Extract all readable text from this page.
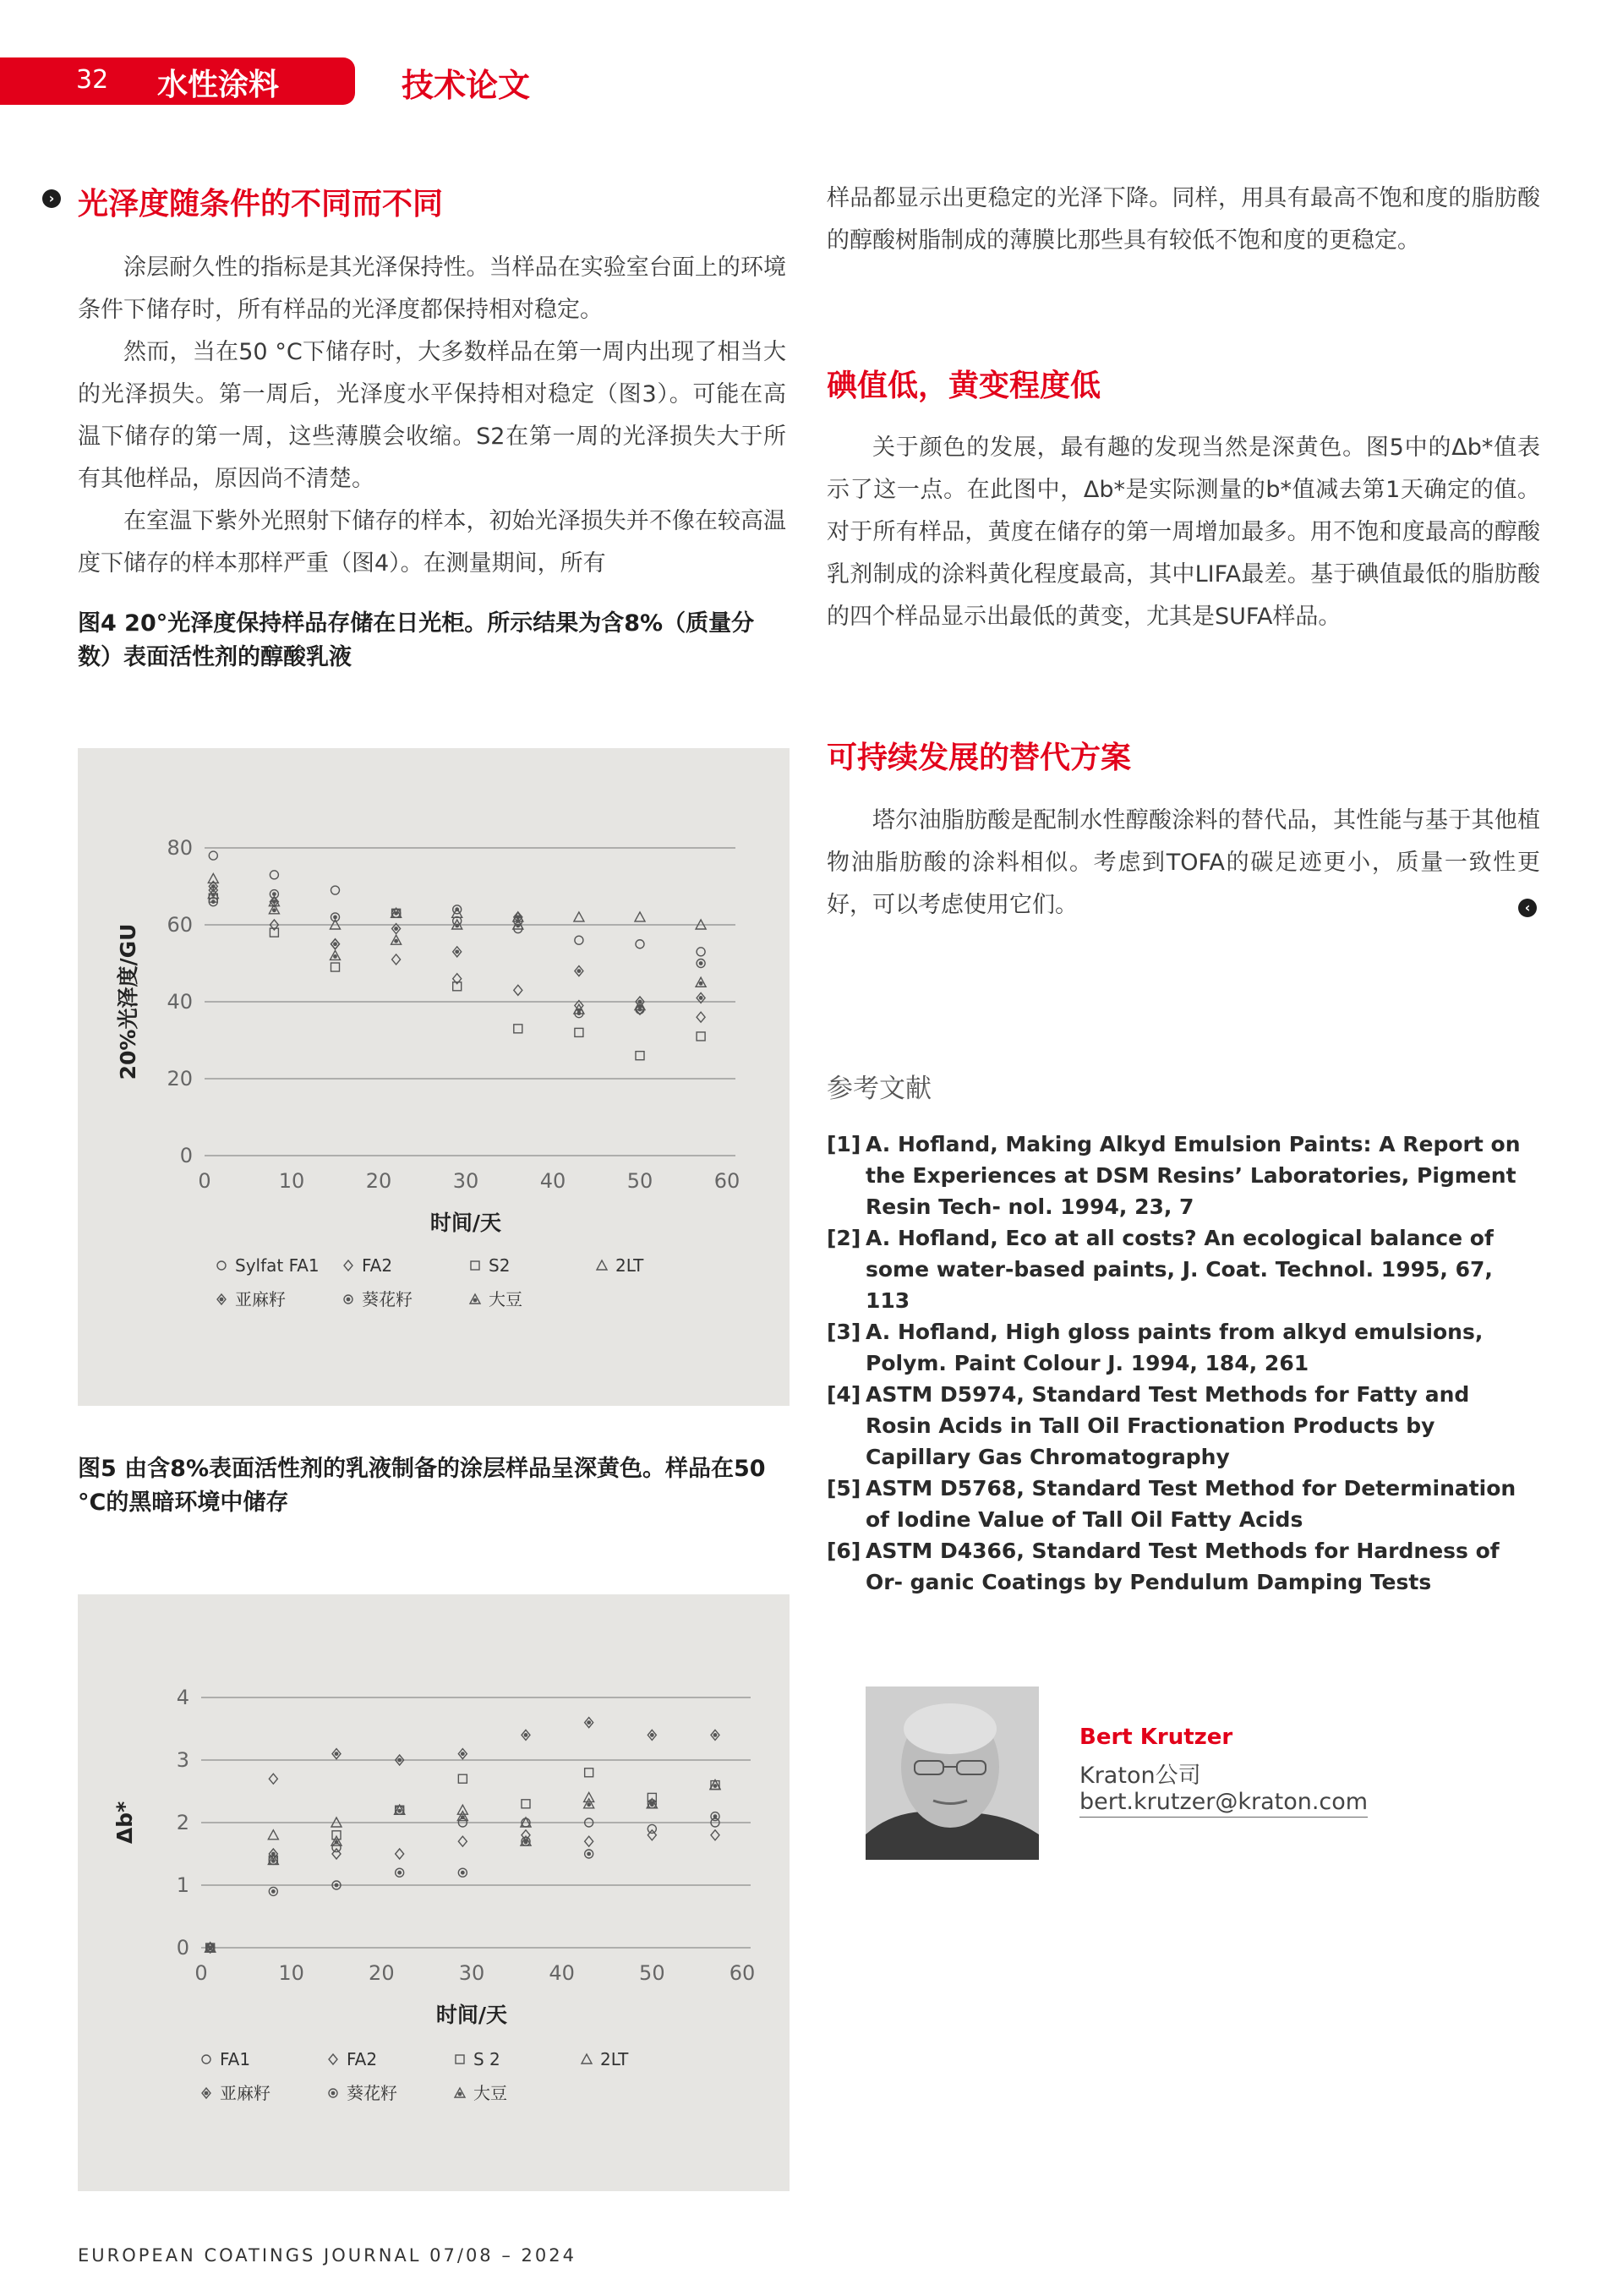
32 水性涂料	技术论文
› 光泽度随条件的不同而不同

涂层耐久性的指标是其光泽保持性。当样品在实验室台面上的环境条件下储存时，所有样品的光泽度都保持相对稳定。

然而，当在50 °C下储存时，大多数样品在第一周内出现了相当大的光泽损失。第一周后，光泽度水平保持相对稳定（图3）。可能在高温下储存的第一周，这些薄膜会收缩。S2在第一周的光泽损失大于所有其他样品，原因尚不清楚。

在室温下紫外光照射下储存的样本，初始光泽损失并不像在较高温度下储存的样本那样严重（图4）。在测量期间，所有

图4 20°光泽度保持样品存储在日光柜。所示结果为含8%（质量分数）表面活性剂的醇酸乳液

0
20
40
60
80
0	10	20	30	40	50	60
时间/天
20%光泽度/GU
Sylfat FA1	FA2	S2	2LT
亚麻籽	葵花籽	大豆

图5 由含8%表面活性剂的乳液制备的涂层样品呈深黄色。样品在50 °C的黑暗环境中储存

0
1
2
3
4
0	10	20	30	40	50	60
时间/天
Δb*
FA1	FA2	S 2	2LT
亚麻籽	葵花籽	大豆

样品都显示出更稳定的光泽下降。同样，用具有最高不饱和度的脂肪酸的醇酸树脂制成的薄膜比那些具有较低不饱和度的更稳定。

碘值低，黄变程度低

关于颜色的发展，最有趣的发现当然是深黄色。图5中的Δb*值表示了这一点。在此图中，Δb*是实际测量的b*值减去第1天确定的值。对于所有样品，黄度在储存的第一周增加最多。用不饱和度最高的醇酸乳剂制成的涂料黄化程度最高，其中LIFA最差。基于碘值最低的脂肪酸的四个样品显示出最低的黄变，尤其是SUFA样品。

可持续发展的替代方案

塔尔油脂肪酸是配制水性醇酸涂料的替代品，其性能与基于其他植物油脂肪酸的涂料相似。考虑到TOFA的碳足迹更小，质量一致性更好，可以考虑使用它们。	‹
参考文献
[1] A. Hofland, Making Alkyd Emulsion Paints: A Report on the Experiences at DSM Resins’ Laboratories, Pigment Resin Tech- nol. 1994, 23, 7
[2] A. Hofland, Eco at all costs? An ecological balance of some water-based paints, J. Coat. Technol. 1995, 67, 113
[3] A. Hofland, High gloss paints from alkyd emulsions, Polym. Paint Colour J. 1994, 184, 261
[4] ASTM D5974, Standard Test Methods for Fatty and Rosin Acids in Tall Oil Fractionation Products by Capillary Gas Chromatography
[5] ASTM D5768, Standard Test Method for Determination of Iodine Value of Tall Oil Fatty Acids
[6] ASTM D4366, Standard Test Methods for Hardness of Or- ganic Coatings by Pendulum Damping Tests
Bert Krutzer
Kraton公司
bert.krutzer@kraton.com
EUROPEAN COATINGS JOURNAL 07/08 – 2024
